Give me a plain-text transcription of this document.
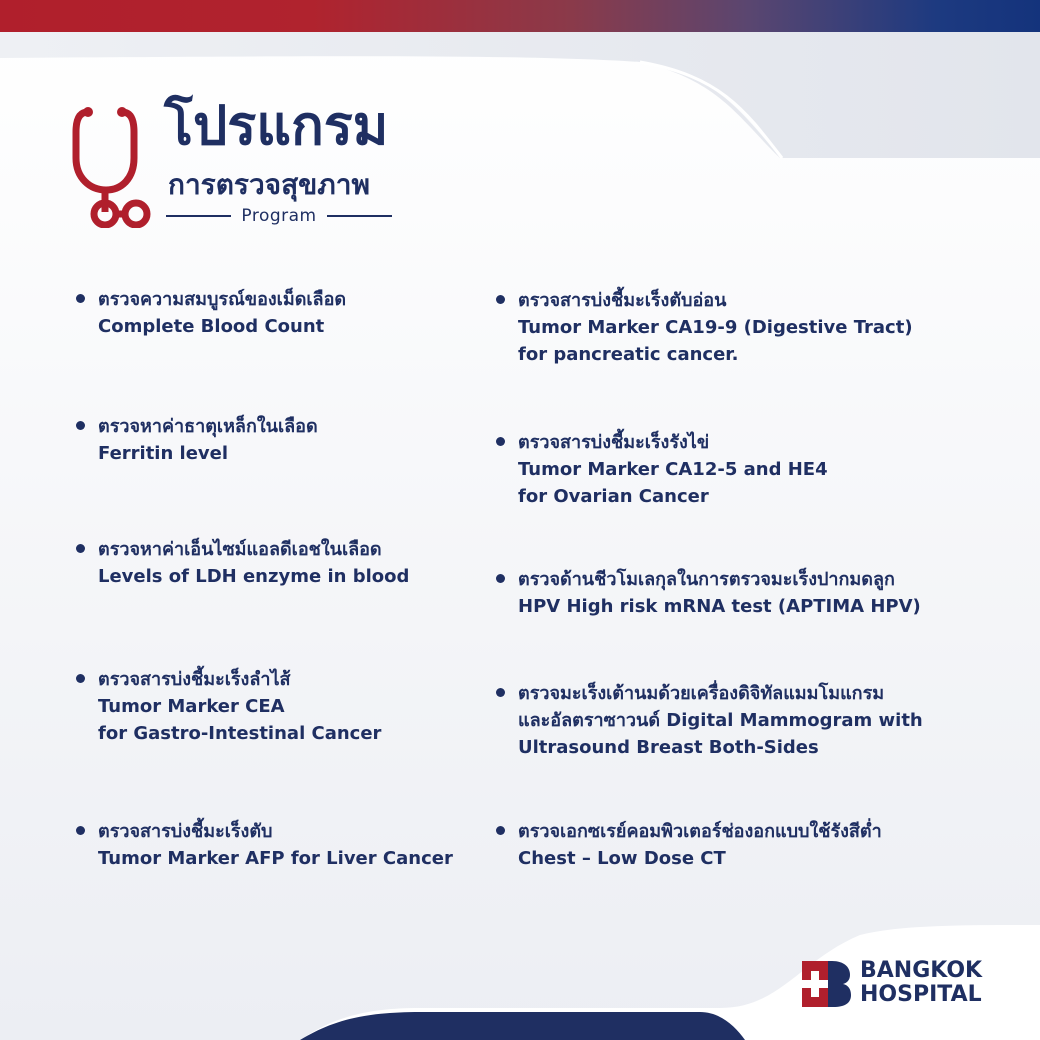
โปรแกรม
การตรวจสุขภาพ
Program
ตรวจความสมบูรณ์ของเม็ดเลือด
Complete Blood Count
ตรวจหาค่าธาตุเหล็กในเลือด
Ferritin level
ตรวจหาค่าเอ็นไซม์แอลดีเอชในเลือด
Levels of LDH enzyme in blood
ตรวจสารบ่งชี้มะเร็งลำไส้
Tumor Marker CEA
for Gastro-Intestinal Cancer
ตรวจสารบ่งชี้มะเร็งตับ
Tumor Marker AFP for Liver Cancer
ตรวจสารบ่งชี้มะเร็งตับอ่อน
Tumor Marker CA19-9 (Digestive Tract)
for pancreatic cancer.
ตรวจสารบ่งชี้มะเร็งรังไข่
Tumor Marker CA12-5 and HE4
for Ovarian Cancer
ตรวจด้านชีวโมเลกุลในการตรวจมะเร็งปากมดลูก
HPV High risk mRNA test (APTIMA HPV)
ตรวจมะเร็งเต้านมด้วยเครื่องดิจิทัลแมมโมแกรม
และอัลตราซาวนด์ Digital Mammogram with
Ultrasound Breast Both-Sides
ตรวจเอกซเรย์คอมพิวเตอร์ช่องอกแบบใช้รังสีต่ำ
Chest – Low Dose CT
BANGKOK
HOSPITAL
